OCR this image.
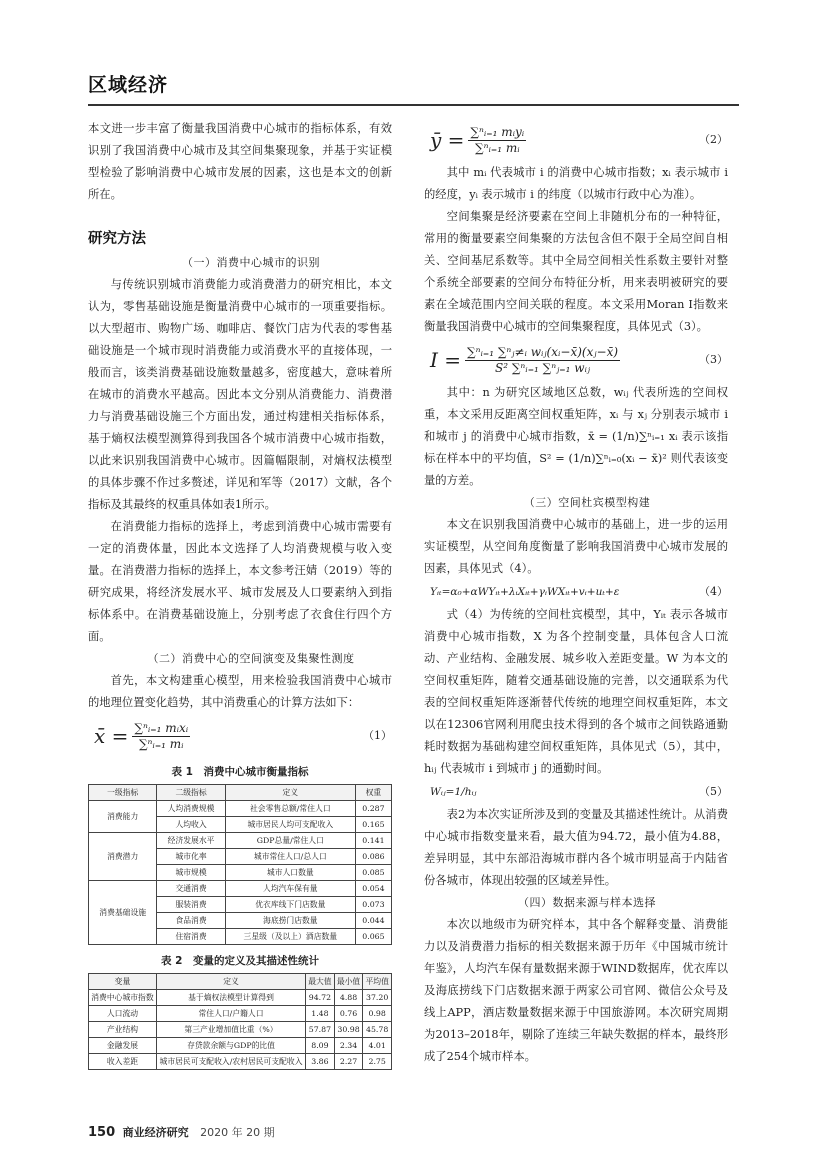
区域经济

本文进一步丰富了衡量我国消费中心城市的指标体系，有效识别了我国消费中心城市及其空间集聚现象，并基于实证模型检验了影响消费中心城市发展的因素，这也是本文的创新所在。

研究方法

（一）消费中心城市的识别

与传统识别城市消费能力或消费潜力的研究相比，本文认为，零售基础设施是衡量消费中心城市的一项重要指标。以大型超市、购物广场、咖啡店、餐饮门店为代表的零售基础设施是一个城市现时消费能力或消费水平的直接体现，一般而言，该类消费基础设施数量越多，密度越大，意味着所在城市的消费水平越高。因此本文分别从消费能力、消费潜力与消费基础设施三个方面出发，通过构建相关指标体系，基于熵权法模型测算得到我国各个城市消费中心城市指数，以此来识别我国消费中心城市。因篇幅限制，对熵权法模型的具体步骤不作过多赘述，详见和军等（2017）文献，各个指标及其最终的权重具体如表1所示。

在消费能力指标的选择上，考虑到消费中心城市需要有一定的消费体量，因此本文选择了人均消费规模与收入变量。在消费潜力指标的选择上，本文参考汪婧（2019）等的研究成果，将经济发展水平、城市发展及人口要素纳入到指标体系中。在消费基础设施上，分别考虑了衣食住行四个方面。

（二）消费中心的空间演变及集聚性测度

首先，本文构建重心模型，用来检验我国消费中心城市的地理位置变化趋势，其中消费重心的计算方法如下：

x̄ = $\frac{\text{∑ⁿᵢ₌₁ mᵢxᵢ}}{\text{∑ⁿᵢ₌₁ mᵢ}}$	（1）
表 1　消费中心城市衡量指标
一级指标	二级指标	定义	权重
消费能力	人均消费规模	社会零售总额/常住人口	0.287
	人均收入	城市居民人均可支配收入	0.165
消费潜力	经济发展水平	GDP总量/常住人口	0.141
	城市化率	城市常住人口/总人口	0.086
	城市规模	城市人口数量	0.085
消费基础设施	交通消费	人均汽车保有量	0.054
	服装消费	优衣库线下门店数量	0.073
	食品消费	海底捞门店数量	0.044
	住宿消费	三星级（及以上）酒店数量	0.065
表 2　变量的定义及其描述性统计
变量	定义	最大值	最小值	平均值
消费中心城市指数	基于熵权法模型计算得到	94.72	4.88	37.20
人口流动	常住人口/户籍人口	1.48	0.76	0.98
产业结构	第三产业增加值比重（%）	57.87	30.98	45.78
金融发展	存贷款余额与GDP的比值	8.09	2.34	4.01
收入差距	城市居民可支配收入/农村居民可支配收入	3.86	2.27	2.75
ȳ = $\frac{\text{∑ⁿᵢ₌₁ mᵢyᵢ}}{\text{∑ⁿᵢ₌₁ mᵢ}}$	（2）

其中 mᵢ 代表城市 i 的消费中心城市指数；xᵢ 表示城市 i 的经度，yᵢ 表示城市 i 的纬度（以城市行政中心为准）。

空间集聚是经济要素在空间上非随机分布的一种特征，常用的衡量要素空间集聚的方法包含但不限于全局空间自相关、空间基尼系数等。其中全局空间相关性系数主要针对整个系统全部要素的空间分布特征分析，用来表明被研究的要素在全域范围内空间关联的程度。本文采用Moran I指数来衡量我国消费中心城市的空间集聚程度，具体见式（3）。

$I = \frac{\text{∑ⁿᵢ₌₁ ∑ⁿⱼ≠ᵢ wᵢⱼ(xᵢ−x̄)(xⱼ−x̄)}}{\text{S² ∑ⁿᵢ₌₁ ∑ⁿⱼ₌₁ wᵢⱼ}}$	（3）

其中：n 为研究区域地区总数，wᵢⱼ 代表所选的空间权重，本文采用反距离空间权重矩阵，xᵢ 与 xⱼ 分别表示城市 i 和城市 j 的消费中心城市指数，x̄ = (1/n)∑ⁿᵢ₌₁ xᵢ 表示该指标在样本中的平均值，S² = (1/n)∑ⁿᵢ₌₀(xᵢ − x̄)² 则代表该变量的方差。

（三）空间杜宾模型构建

本文在识别我国消费中心城市的基础上，进一步的运用实证模型，从空间角度衡量了影响我国消费中心城市发展的因素，具体见式（4）。

Yᵢₜ=α₀+αWYᵢₜ+λᵢXᵢₜ+γᵢWXᵢₜ+vᵢ+uₜ+ε	（4）

式（4）为传统的空间杜宾模型，其中，Yᵢₜ 表示各城市消费中心城市指数，X 为各个控制变量，具体包含人口流动、产业结构、金融发展、城乡收入差距变量。W 为本文的空间权重矩阵，随着交通基础设施的完善，以交通联系为代表的空间权重矩阵逐渐替代传统的地理空间权重矩阵，本文以在12306官网利用爬虫技术得到的各个城市之间铁路通勤耗时数据为基础构建空间权重矩阵，具体见式（5），其中，hᵢⱼ 代表城市 i 到城市 j 的通勤时间。

Wᵢⱼ=1/hᵢⱼ	（5）

表2为本次实证所涉及到的变量及其描述性统计。从消费中心城市指数变量来看，最大值为94.72，最小值为4.88，差异明显，其中东部沿海城市群内各个城市明显高于内陆省份各城市，体现出较强的区域差异性。

（四）数据来源与样本选择

本次以地级市为研究样本，其中各个解释变量、消费能力以及消费潜力指标的相关数据来源于历年《中国城市统计年鉴》，人均汽车保有量数据来源于WIND数据库，优衣库以及海底捞线下门店数据来源于两家公司官网、微信公众号及线上APP，酒店数量数据来源于中国旅游网。本次研究周期为2013–2018年，剔除了连续三年缺失数据的样本，最终形成了254个城市样本。

150 商业经济研究 2020 年 20 期
